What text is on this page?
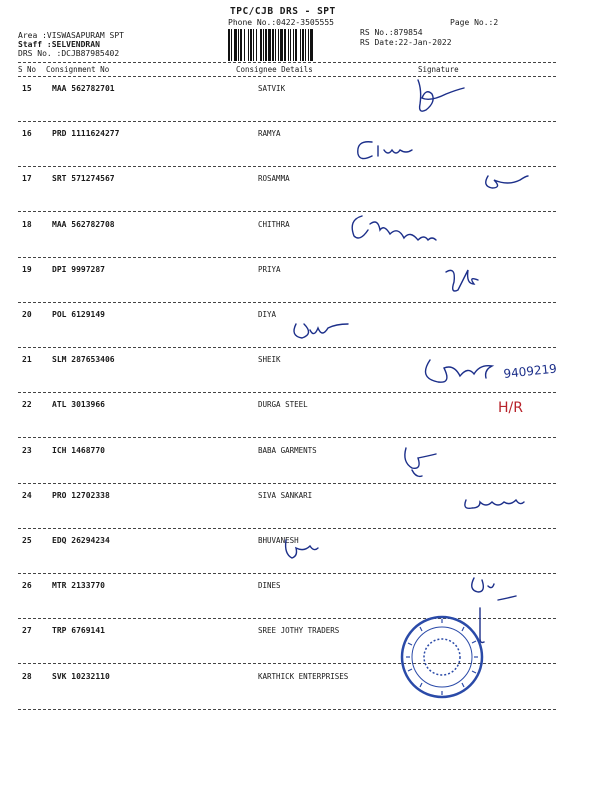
TPC/CJB DRS - SPT
Phone No.:0422-3505555	Page No.:2
Area :VISWASAPURAM SPT
Staff :SELVENDRAN
DRS No. :DCJB87985402
RS No.:879854
RS Date:22-Jan-2022
S No Consignment No	Consignee Details	Signature
15	MAA 562782701	SATVIK
16	PRD 1111624277	RAMYA
17	SRT 571274567	ROSAMMA
18	MAA 562782708	CHITHRA
19	DPI 9997287	PRIYA
20	POL 6129149	DIYA
21	SLM 287653406	SHEIK
22	ATL 3013966	DURGA STEEL
23	ICH 1468770	BABA GARMENTS
24	PRO 12702338	SIVA SANKARI
25	EDQ 26294234	BHUVANESH
26	MTR 2133770	DINES
27	TRP 6769141	SREE JOTHY TRADERS
28	SVK 10232110	KARTHICK ENTERPRISES
9409219
H/R
